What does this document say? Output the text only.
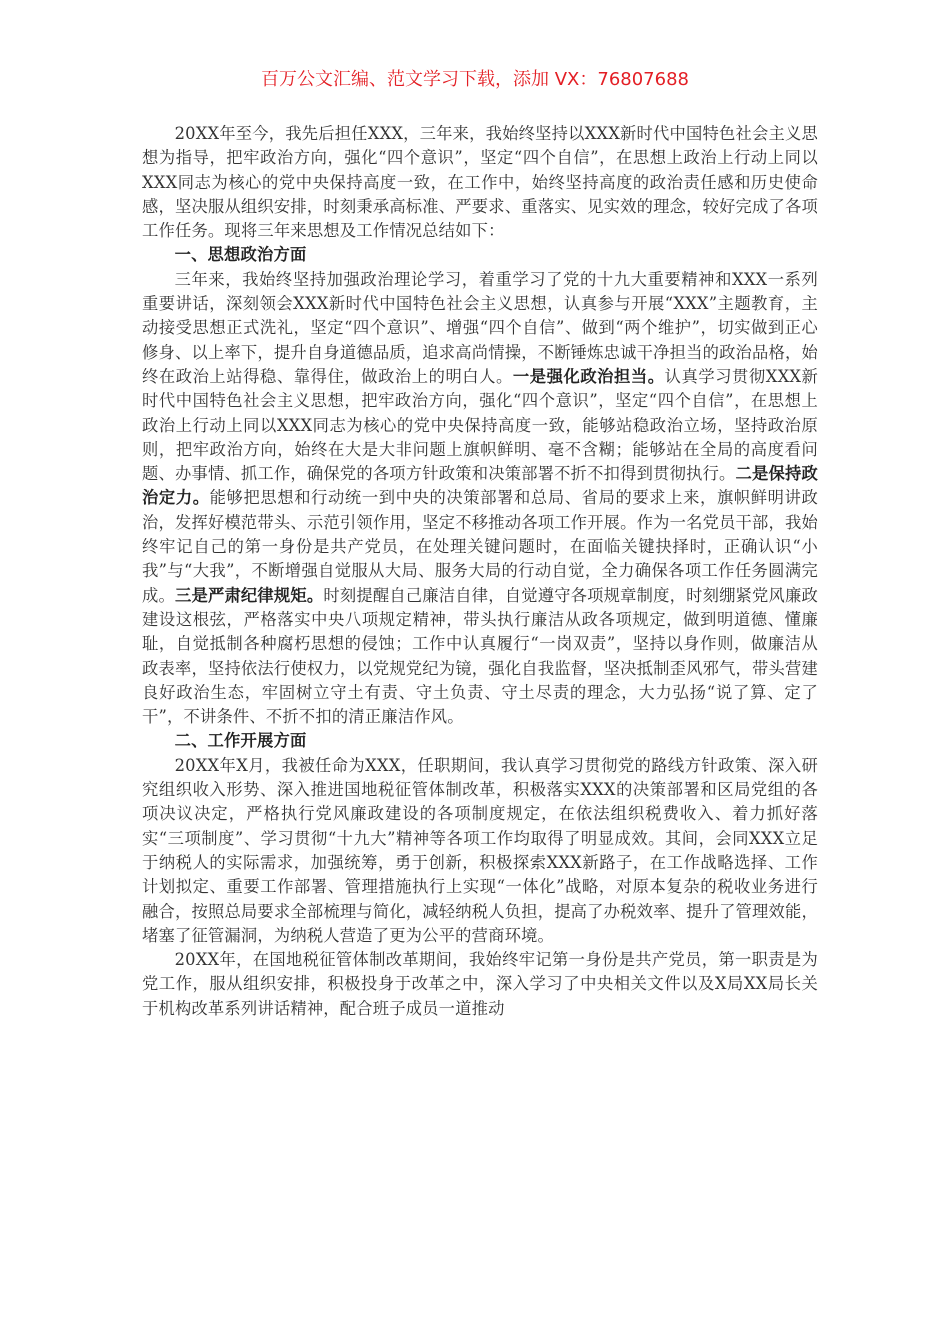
百万公文汇编、范文学习下载，添加 VX：76807688

20XX年至今，我先后担任XXX，三年来，我始终坚持以XXX新时代中国特色社会主义思想为指导，把牢政治方向，强化“四个意识”，坚定“四个自信”，在思想上政治上行动上同以XXX同志为核心的党中央保持高度一致，在工作中，始终坚持高度的政治责任感和历史使命感，坚决服从组织安排，时刻秉承高标准、严要求、重落实、见实效的理念，较好完成了各项工作任务。现将三年来思想及工作情况总结如下：

一、思想政治方面

三年来，我始终坚持加强政治理论学习，着重学习了党的十九大重要精神和XXX一系列重要讲话，深刻领会XXX新时代中国特色社会主义思想，认真参与开展“XXX”主题教育，主动接受思想正式洗礼，坚定“四个意识”、增强“四个自信”、做到“两个维护”，切实做到正心修身、以上率下，提升自身道德品质，追求高尚情操，不断锤炼忠诚干净担当的政治品格，始终在政治上站得稳、靠得住，做政治上的明白人。一是强化政治担当。认真学习贯彻XXX新时代中国特色社会主义思想，把牢政治方向，强化“四个意识”，坚定“四个自信”，在思想上政治上行动上同以XXX同志为核心的党中央保持高度一致，能够站稳政治立场，坚持政治原则，把牢政治方向，始终在大是大非问题上旗帜鲜明、毫不含糊；能够站在全局的高度看问题、办事情、抓工作，确保党的各项方针政策和决策部署不折不扣得到贯彻执行。二是保持政治定力。能够把思想和行动统一到中央的决策部署和总局、省局的要求上来，旗帜鲜明讲政治，发挥好模范带头、示范引领作用，坚定不移推动各项工作开展。作为一名党员干部，我始终牢记自己的第一身份是共产党员，在处理关键问题时，在面临关键抉择时，正确认识“小我”与“大我”，不断增强自觉服从大局、服务大局的行动自觉，全力确保各项工作任务圆满完成。三是严肃纪律规矩。时刻提醒自己廉洁自律，自觉遵守各项规章制度，时刻绷紧党风廉政建设这根弦，严格落实中央八项规定精神，带头执行廉洁从政各项规定，做到明道德、懂廉耻，自觉抵制各种腐朽思想的侵蚀；工作中认真履行“一岗双责”，坚持以身作则，做廉洁从政表率，坚持依法行使权力，以党规党纪为镜，强化自我监督，坚决抵制歪风邪气，带头营建良好政治生态，牢固树立守土有责、守土负责、守土尽责的理念，大力弘扬“说了算、定了干”，不讲条件、不折不扣的清正廉洁作风。

二、工作开展方面

20XX年X月，我被任命为XXX，任职期间，我认真学习贯彻党的路线方针政策、深入研究组织收入形势、深入推进国地税征管体制改革，积极落实XXX的决策部署和区局党组的各项决议决定，严格执行党风廉政建设的各项制度规定，在依法组织税费收入、着力抓好落实“三项制度”、学习贯彻“十九大”精神等各项工作均取得了明显成效。其间，会同XXX立足于纳税人的实际需求，加强统筹，勇于创新，积极探索XXX新路子，在工作战略选择、工作计划拟定、重要工作部署、管理措施执行上实现“一体化”战略，对原本复杂的税收业务进行融合，按照总局要求全部梳理与简化，减轻纳税人负担，提高了办税效率、提升了管理效能，堵塞了征管漏洞，为纳税人营造了更为公平的营商环境。

20XX年，在国地税征管体制改革期间，我始终牢记第一身份是共产党员，第一职责是为党工作，服从组织安排，积极投身于改革之中，深入学习了中央相关文件以及X局XX局长关于机构改革系列讲话精神，配合班子成员一道推动
